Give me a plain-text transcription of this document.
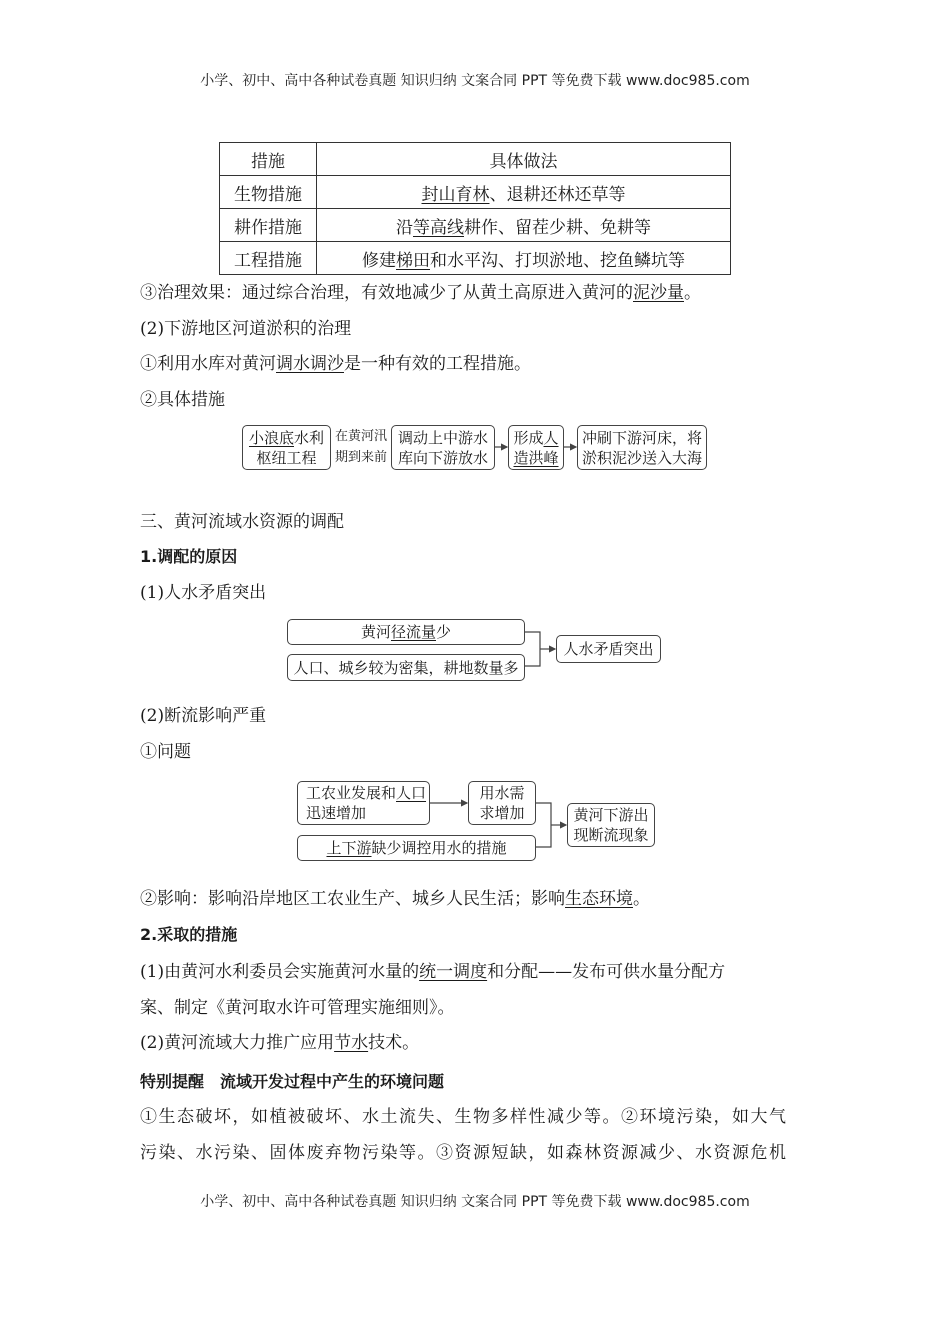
小学、初中、高中各种试卷真题 知识归纳 文案合同 PPT 等免费下载 www.doc985.com
措施	具体做法
生物措施	封山育林、退耕还林还草等
耕作措施	沿等高线耕作、留茬少耕、免耕等
工程措施	修建梯田和水平沟、打坝淤地、挖鱼鳞坑等
③治理效果：通过综合治理，有效地减少了从黄土高原进入黄河的泥沙量。
(2)下游地区河道淤积的治理
①利用水库对黄河调水调沙是一种有效的工程措施。
②具体措施
小浪底水利
枢纽工程
在黄河汛
期到来前
调动上中游水
库向下游放水
形成人
造洪峰
冲刷下游河床，将
淤积泥沙送入大海
三、黄河流域水资源的调配
1.调配的原因
(1)人水矛盾突出
黄河径流量少
人口、城乡较为密集，耕地数量多
人水矛盾突出
(2)断流影响严重
①问题
工农业发展和人口
迅速增加
用水需
求增加
上下游缺少调控用水的措施
黄河下游出
现断流现象
②影响：影响沿岸地区工农业生产、城乡人民生活；影响生态环境。
2.采取的措施
(1)由黄河水利委员会实施黄河水量的统一调度和分配——发布可供水量分配方
案、制定《黄河取水许可管理实施细则》。
(2)黄河流域大力推广应用节水技术。
特别提醒　流域开发过程中产生的环境问题
①生态破坏，如植被破坏、水土流失、生物多样性减少等。②环境污染，如大气
污染、水污染、固体废弃物污染等。③资源短缺，如森林资源减少、水资源危机
小学、初中、高中各种试卷真题 知识归纳 文案合同 PPT 等免费下载 www.doc985.com
